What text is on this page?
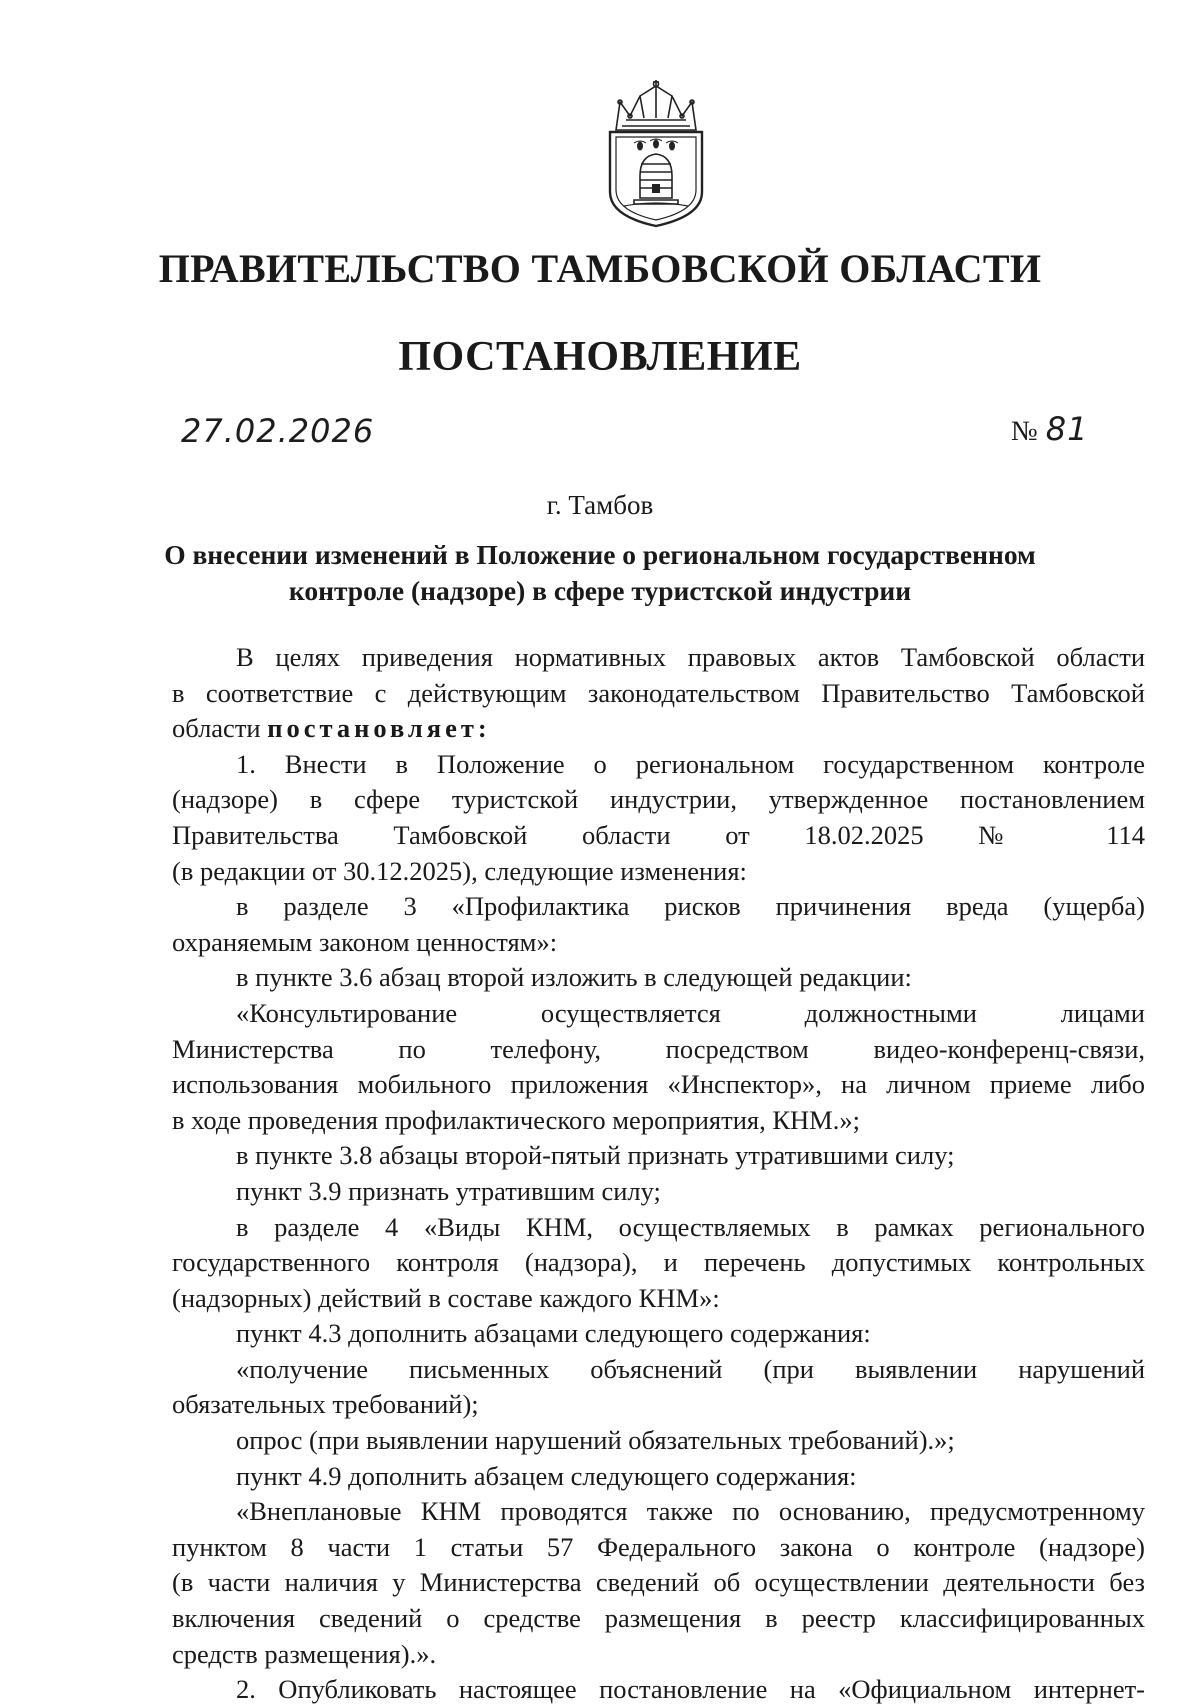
ПРАВИТЕЛЬСТВО ТАМБОВСКОЙ ОБЛАСТИ
ПОСТАНОВЛЕНИЕ
27.02.2026	№ 81
г. Тамбов
О внесении изменений в Положение о региональном государственном
контроле (надзоре) в сфере туристской индустрии
В целях приведения нормативных правовых актов Тамбовской области
в соответствие с действующим законодательством Правительство Тамбовской
области постановляет:
1. Внести в Положение о региональном государственном контроле
(надзоре) в сфере туристской индустрии, утвержденное постановлением
Правительства Тамбовской области от 18.02.2025 № 114
(в редакции от 30.12.2025), следующие изменения:
в разделе 3 «Профилактика рисков причинения вреда (ущерба)
охраняемым законом ценностям»:
в пункте 3.6 абзац второй изложить в следующей редакции:
«Консультирование осуществляется должностными лицами
Министерства по телефону, посредством видео-конференц-связи,
использования мобильного приложения «Инспектор», на личном приеме либо
в ходе проведения профилактического мероприятия, КНМ.»;
в пункте 3.8 абзацы второй-пятый признать утратившими силу;
пункт 3.9 признать утратившим силу;
в разделе 4 «Виды КНМ, осуществляемых в рамках регионального
государственного контроля (надзора), и перечень допустимых контрольных
(надзорных) действий в составе каждого КНМ»:
пункт 4.3 дополнить абзацами следующего содержания:
«получение письменных объяснений (при выявлении нарушений
обязательных требований);
опрос (при выявлении нарушений обязательных требований).»;
пункт 4.9 дополнить абзацем следующего содержания:
«Внеплановые КНМ проводятся также по основанию, предусмотренному
пунктом 8 части 1 статьи 57 Федерального закона о контроле (надзоре)
(в части наличия у Министерства сведений об осуществлении деятельности без
включения сведений о средстве размещения в реестр классифицированных
средств размещения).».
2. Опубликовать настоящее постановление на «Официальном интернет-
